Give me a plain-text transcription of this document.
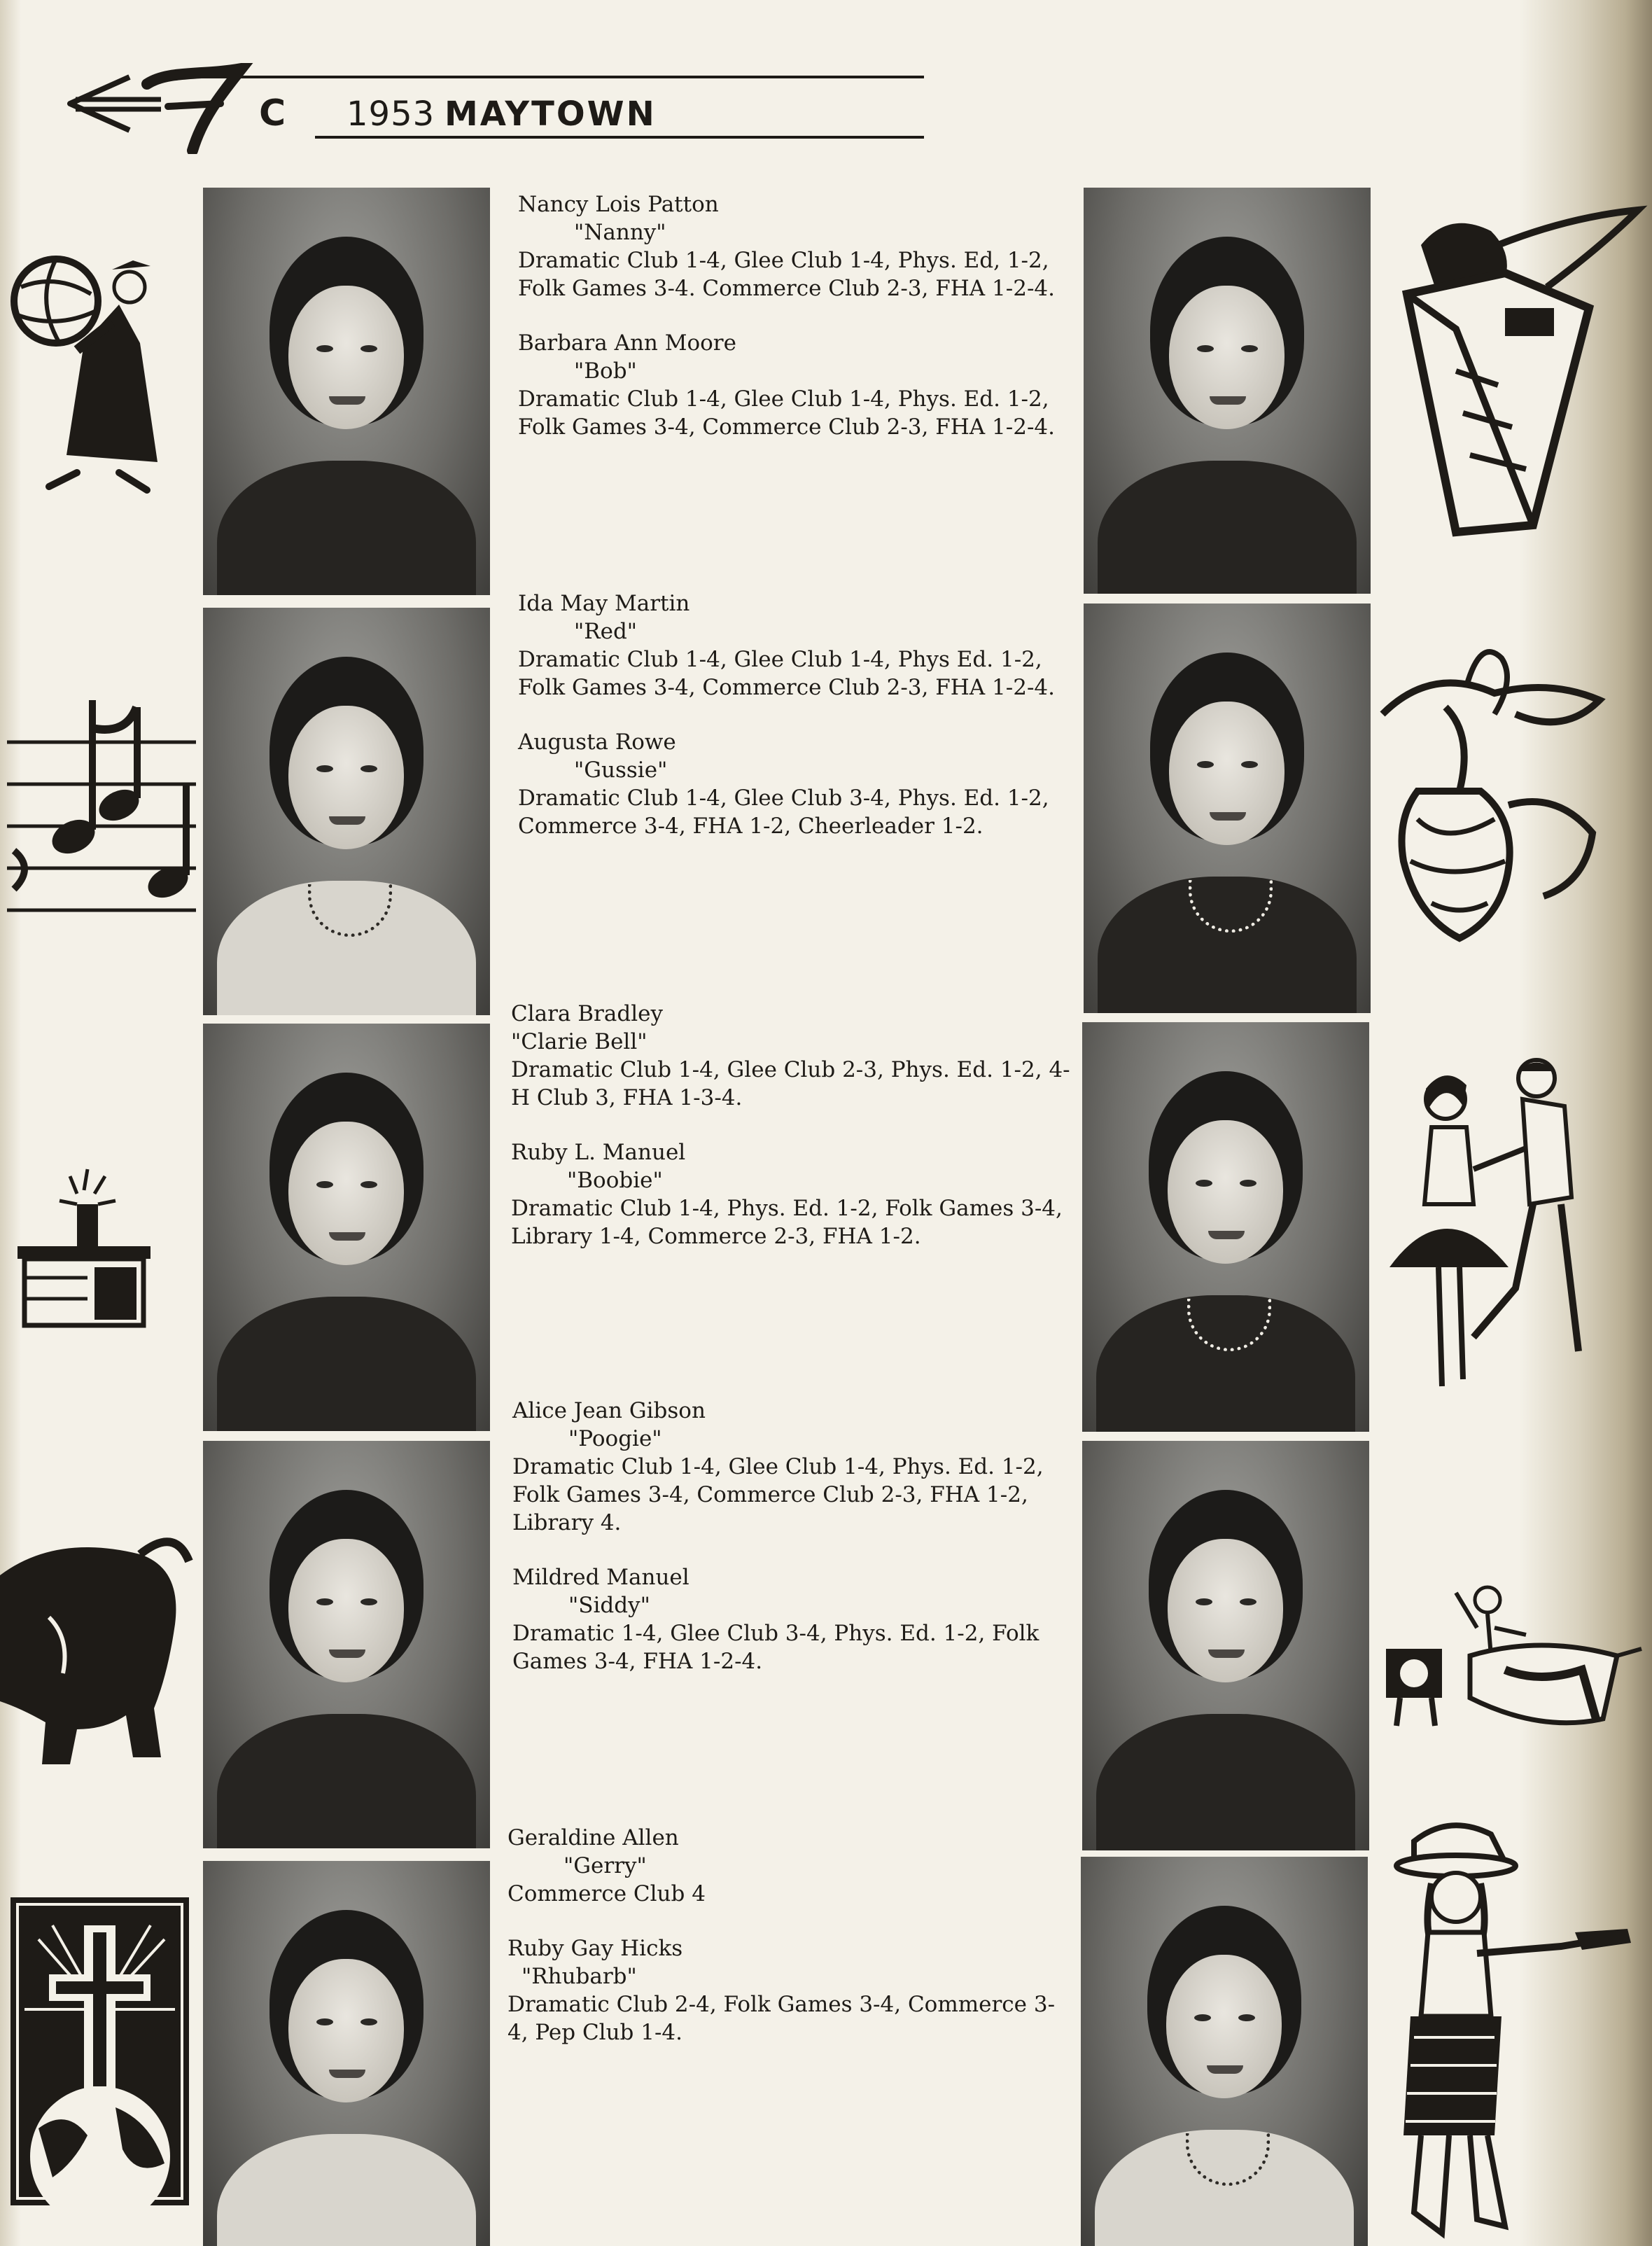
C 1953 MAYTOWN
Nancy Lois Patton
"Nanny"
Dramatic Club 1-4, Glee Club 1-4, Phys. Ed, 1-2, Folk Games 3-4. Commerce Club 2-3, FHA 1-2-4.
Barbara Ann Moore
"Bob"
Dramatic Club 1-4, Glee Club 1-4, Phys. Ed. 1-2, Folk Games 3-4, Commerce Club 2-3, FHA 1-2-4.
Ida May Martin
"Red"
Dramatic Club 1-4, Glee Club 1-4, Phys Ed. 1-2, Folk Games 3-4, Commerce Club 2-3, FHA 1-2-4.
Augusta Rowe
"Gussie"
Dramatic Club 1-4, Glee Club 3-4, Phys. Ed. 1-2, Commerce 3-4, FHA 1-2, Cheerleader 1-2.
Clara Bradley
"Clarie Bell"
Dramatic Club 1-4, Glee Club 2-3, Phys. Ed. 1-2, 4-H Club 3, FHA 1-3-4.
Ruby L. Manuel
"Boobie"
Dramatic Club 1-4, Phys. Ed. 1-2, Folk Games 3-4, Library 1-4, Commerce 2-3, FHA 1-2.
Alice Jean Gibson
"Poogie"
Dramatic Club 1-4, Glee Club 1-4, Phys. Ed. 1-2, Folk Games 3-4, Commerce Club 2-3, FHA 1-2, Library 4.
Mildred Manuel
"Siddy"
Dramatic 1-4, Glee Club 3-4, Phys. Ed. 1-2, Folk Games 3-4, FHA 1-2-4.
Geraldine Allen
"Gerry"
Commerce Club 4
Ruby Gay Hicks
"Rhubarb"
Dramatic Club 2-4, Folk Games 3-4, Commerce 3-4, Pep Club 1-4.
